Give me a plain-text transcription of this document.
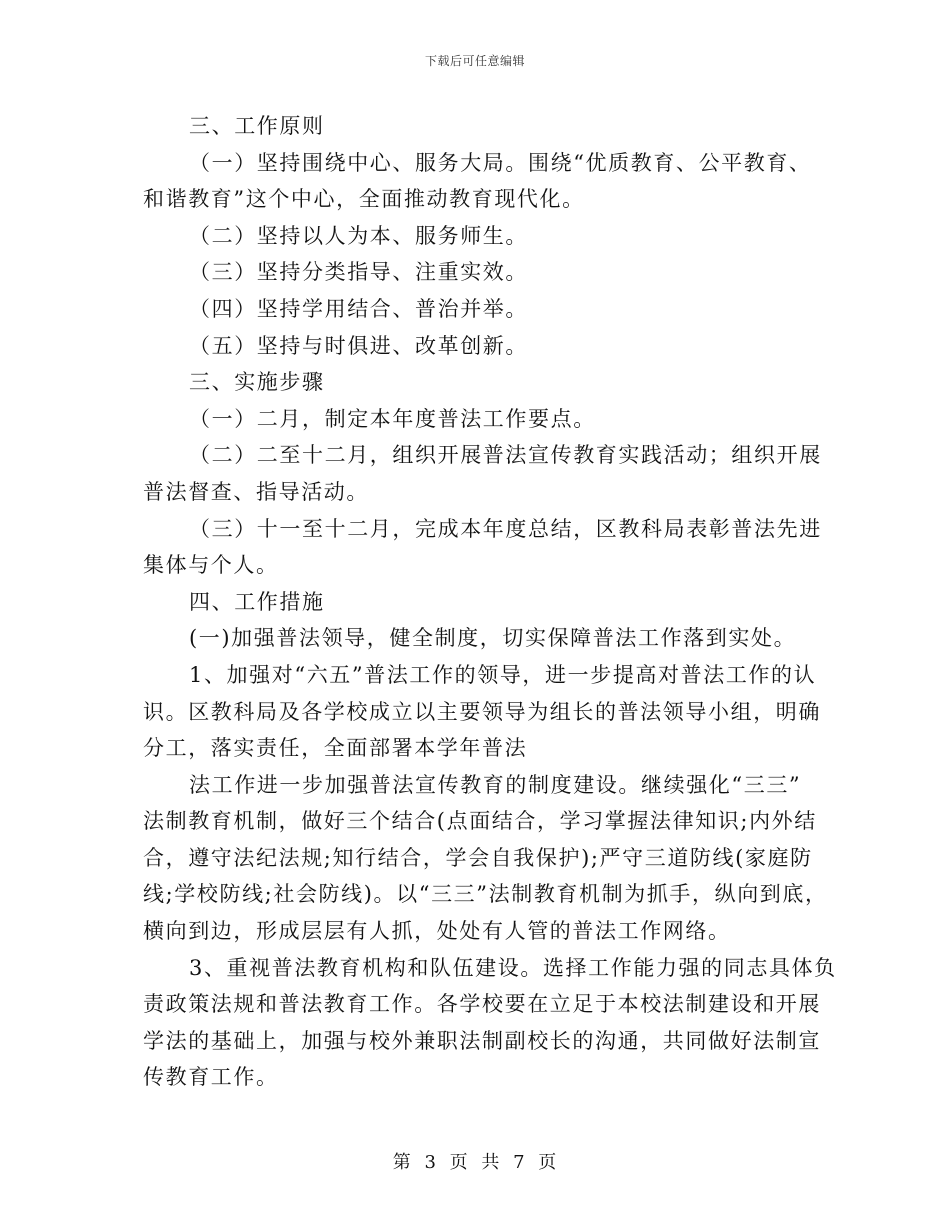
下载后可任意编辑
三、工作原则
（一）坚持围绕中心、服务大局。围绕“优质教育、公平教育、
和谐教育”这个中心，全面推动教育现代化。
（二）坚持以人为本、服务师生。
（三）坚持分类指导、注重实效。
（四）坚持学用结合、普治并举。
（五）坚持与时俱进、改革创新。
三、实施步骤
（一）二月，制定本年度普法工作要点。
（二）二至十二月，组织开展普法宣传教育实践活动；组织开展
普法督查、指导活动。
（三）十一至十二月，完成本年度总结，区教科局表彰普法先进
集体与个人。
四、工作措施
(一)加强普法领导，健全制度，切实保障普法工作落到实处。
1、加强对“六五”普法工作的领导，进一步提高对普法工作的认
识。区教科局及各学校成立以主要领导为组长的普法领导小组，明确
分工，落实责任，全面部署本学年普法
法工作进一步加强普法宣传教育的制度建设。继续强化“三三”
法制教育机制，做好三个结合(点面结合，学习掌握法律知识;内外结
合，遵守法纪法规;知行结合，学会自我保护);严守三道防线(家庭防
线;学校防线;社会防线)。以“三三”法制教育机制为抓手，纵向到底，
横向到边，形成层层有人抓，处处有人管的普法工作网络。
3、重视普法教育机构和队伍建设。选择工作能力强的同志具体负
责政策法规和普法教育工作。各学校要在立足于本校法制建设和开展
学法的基础上，加强与校外兼职法制副校长的沟通，共同做好法制宣
传教育工作。
第 3 页 共 7 页
